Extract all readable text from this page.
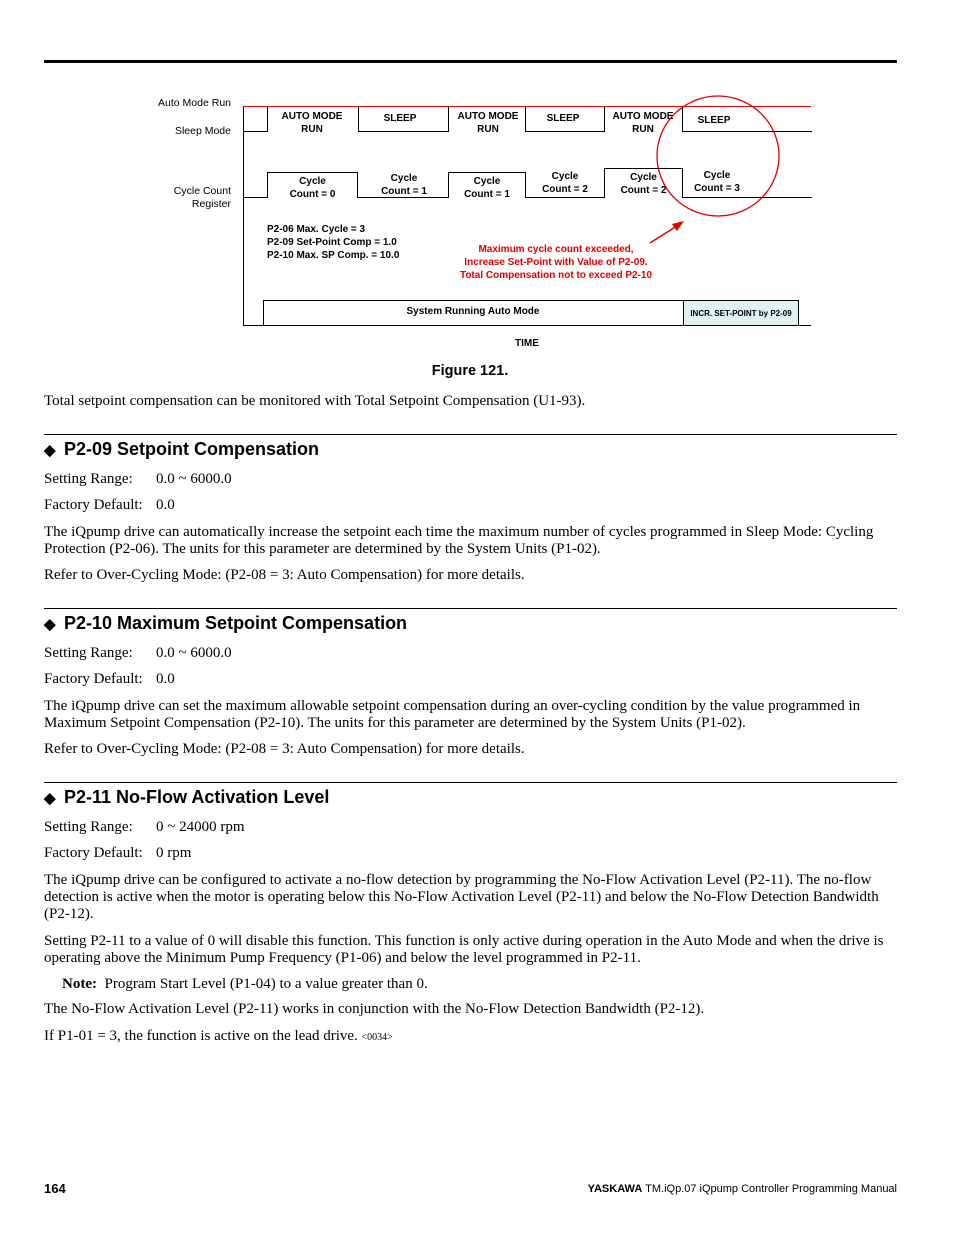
Auto Mode Run
Sleep Mode
Cycle Count
Register
AUTO MODE
RUN
SLEEP	AUTO MODE
RUN
SLEEP	AUTO MODE
RUN
SLEEP
Cycle
Count = 0
Cycle
Count = 1
Cycle
Count = 1
Cycle
Count = 2
Cycle
Count = 2
Cycle
Count = 3
P2-06 Max. Cycle = 3
P2-09 Set-Point Comp = 1.0
P2-10 Max. SP Comp. = 10.0
Maximum cycle count exceeded,
Increase Set-Point with Value of P2-09.
Total Compensation not to exceed P2-10
System Running Auto Mode	INCR. SET-POINT by P2-09
TIME
Figure 121.
Total setpoint compensation can be monitored with Total Setpoint Compensation (U1-93).
◆ P2-09 Setpoint Compensation
Setting Range: 0.0 ~ 6000.0
Factory Default: 0.0
The iQpump drive can automatically increase the setpoint each time the maximum number of cycles programmed in Sleep Mode: Cycling Protection (P2-06). The units for this parameter are determined by the System Units (P1-02).
Refer to Over-Cycling Mode: (P2-08 = 3: Auto Compensation) for more details.
◆ P2-10 Maximum Setpoint Compensation
Setting Range: 0.0 ~ 6000.0
Factory Default: 0.0
The iQpump drive can set the maximum allowable setpoint compensation during an over-cycling condition by the value programmed in Maximum Setpoint Compensation (P2-10). The units for this parameter are determined by the System Units (P1-02).
Refer to Over-Cycling Mode: (P2-08 = 3: Auto Compensation) for more details.
◆ P2-11 No-Flow Activation Level
Setting Range: 0 ~ 24000 rpm
Factory Default: 0 rpm
The iQpump drive can be configured to activate a no-flow detection by programming the No-Flow Activation Level (P2-11). The no-flow detection is active when the motor is operating below this No-Flow Activation Level (P2-11) and below the No-Flow Detection Bandwidth (P2-12).
Setting P2-11 to a value of 0 will disable this function. This function is only active during operation in the Auto Mode and when the drive is operating above the Minimum Pump Frequency (P1-06) and below the level programmed in P2-11.
Note: Program Start Level (P1-04) to a value greater than 0.
The No-Flow Activation Level (P2-11) works in conjunction with the No-Flow Detection Bandwidth (P2-12).
If P1-01 = 3, the function is active on the lead drive. <0034>
164	YASKAWA TM.iQp.07 iQpump Controller Programming Manual
